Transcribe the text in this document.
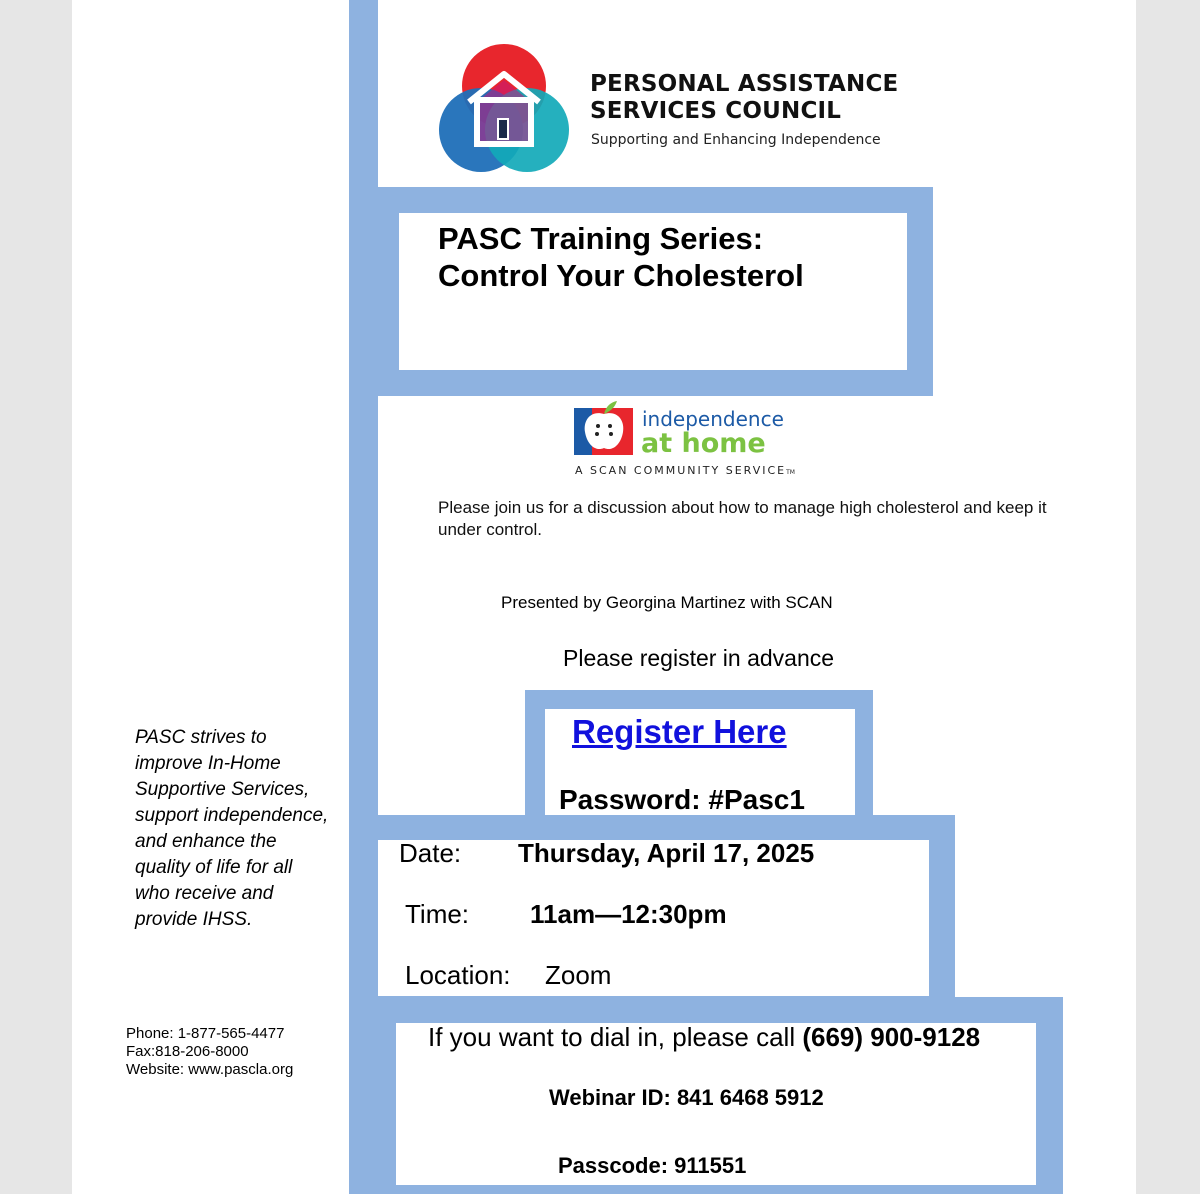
PERSONAL ASSISTANCE
SERVICES COUNCIL
Supporting and Enhancing Independence
PASC Training Series:
Control Your Cholesterol
independence
at home
A SCAN COMMUNITY SERVICETM
Please join us for a discussion about how to manage high cholesterol and keep it under control.
Presented by Georgina Martinez with SCAN
Please register in advance
Register Here
Password: #Pasc1
Date: Thursday, April 17, 2025
Time: 11am—12:30pm
Location: Zoom
If you want to dial in, please call (669) 900-9128
Webinar ID: 841 6468 5912
Passcode: 911551
PASC strives to
improve In-Home
Supportive Services,
support independence,
and enhance the
quality of life for all
who receive and
provide IHSS.
Phone: 1-877-565-4477
Fax:818-206-8000
Website: www.pascla.org
